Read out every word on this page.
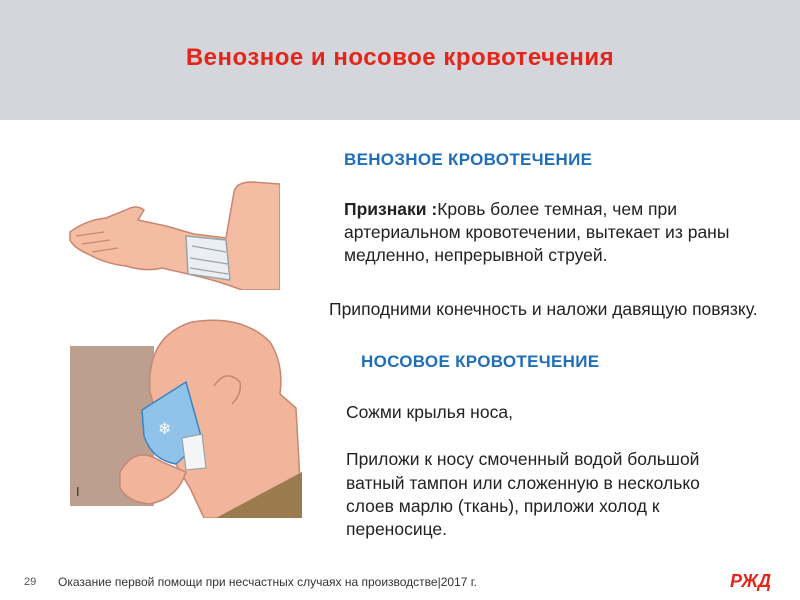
Венозное и носовое кровотечения
❄
I
ВЕНОЗНОЕ КРОВОТЕЧЕНИЕ
Признаки :Кровь более темная, чем при артериальном кровотечении, вытекает из раны медленно, непрерывной струей.
Приподними конечность и наложи давящую повязку.
НОСОВОЕ КРОВОТЕЧЕНИЕ
Сожми крылья носа,
Приложи к носу смоченный водой большой ватный тампон или сложенную в несколько слоев марлю (ткань), приложи холод к переносице.
29 Оказание первой помощи при несчастных случаях на производстве|2017 г.	РЖД
